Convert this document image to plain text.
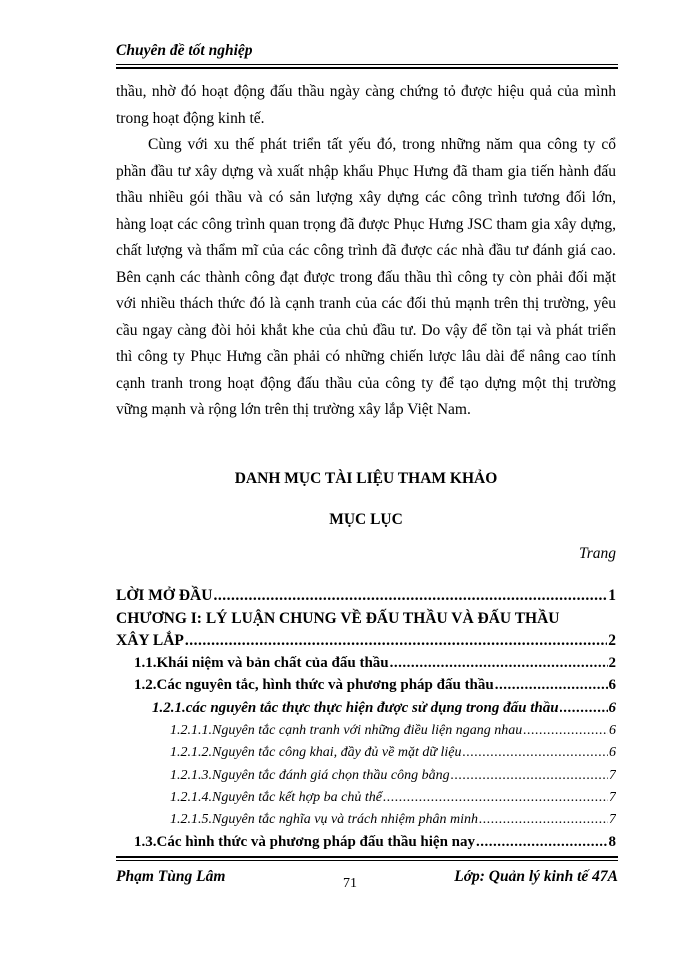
Chuyên đề tốt nghiệp

thầu, nhờ đó hoạt động đấu thầu ngày càng chứng tỏ được hiệu quả của mình trong hoạt động kinh tế.

Cùng với xu thế phát triển tất yếu đó, trong những năm qua công ty cổ phần đầu tư xây dựng và xuất nhập khẩu Phục Hưng đã tham gia tiến hành đấu thầu nhiều gói thầu và có sản lượng xây dựng các công trình tương đối lớn, hàng loạt các công trình quan trọng đã được Phục Hưng JSC tham gia xây dựng, chất lượng và thẩm mĩ của các công trình đã được các nhà đầu tư đánh giá cao. Bên cạnh các thành công đạt được trong đấu thầu thì công ty còn phải đối mặt với nhiều thách thức đó là cạnh tranh của các đối thủ mạnh trên thị trường, yêu cầu ngay càng đòi hỏi khắt khe của chủ đầu tư. Do vậy để tồn tại và phát triển thì công ty Phục Hưng cần phải có những chiến lược lâu dài để nâng cao tính cạnh tranh trong hoạt động đấu thầu của công ty để tạo dựng một thị trường vững mạnh và rộng lớn trên thị trường xây lắp Việt Nam.

DANH MỤC TÀI LIỆU THAM KHẢO
MỤC LỤC
Trang
LỜI MỞ ĐẦU .....	1
CHƯƠNG I: LÝ LUẬN CHUNG VỀ ĐẤU THẦU VÀ ĐẤU THẦU
XÂY LẮP .....	2
1.1.Khái niệm và bản chất của đấu thầu .....	2
1.2.Các nguyên tắc, hình thức và phương pháp đấu thầu .....	6
1.2.1.các nguyên tắc thực thực hiện được sử dụng trong đấu thầu .....	6
1.2.1.1.Nguyên tắc cạnh tranh với những điều liện ngang nhau .....	6
1.2.1.2.Nguyên tắc công khai, đầy đủ về mặt dữ liệu .....	6
1.2.1.3.Nguyên tắc đánh giá chọn thầu công bằng .....	7
1.2.1.4.Nguyên tắc kết hợp ba chủ thể .....	7
1.2.1.5.Nguyên tắc nghĩa vụ và trách nhiệm phân minh .....	7
1.3.Các hình thức và phương pháp đấu thầu hiện nay .....	8
Phạm Tùng Lâm	71	Lớp: Quản lý kinh tế 47A
